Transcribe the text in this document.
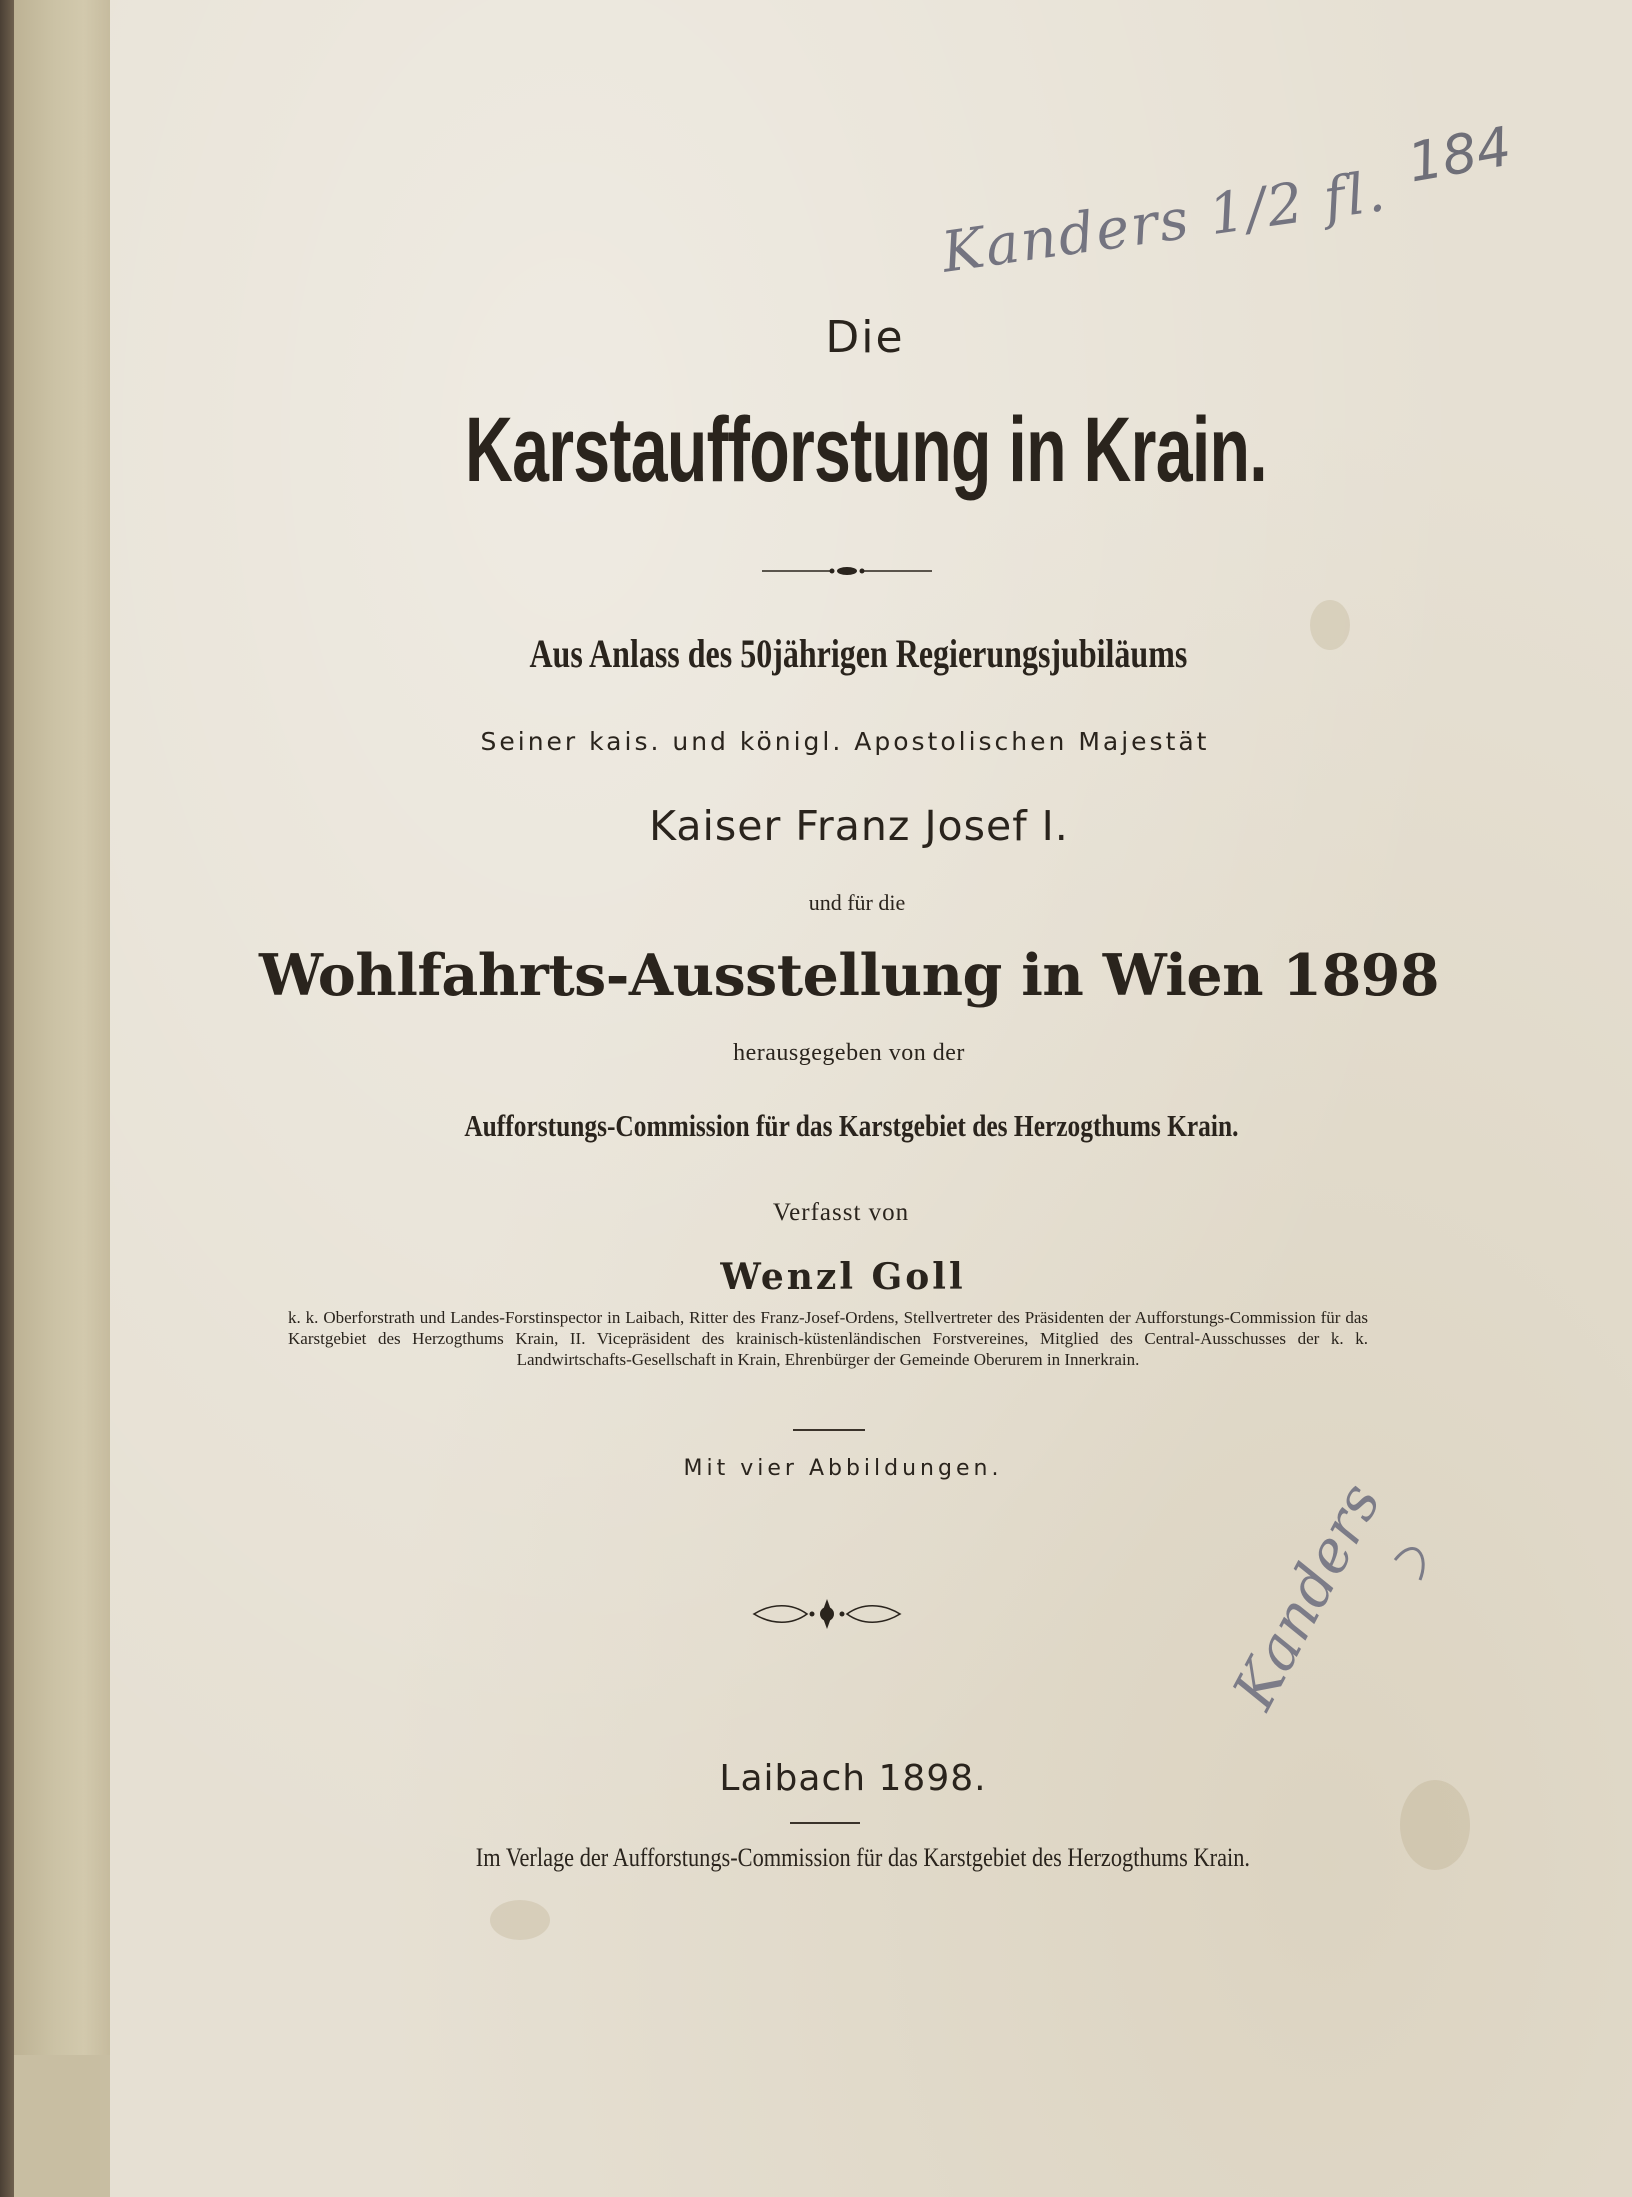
184
Kanders 1/2 fl.
Kanders

Die

Karstaufforstung in Krain.

Aus Anlass des 50jährigen Regierungsjubiläums

Seiner kais. und königl. Apostolischen Majestät

Kaiser Franz Josef I.

und für die

Wohlfahrts-Ausstellung in Wien 1898

herausgegeben von der

Aufforstungs-Commission für das Karstgebiet des Herzogthums Krain.

Verfasst von

Wenzl Goll

k. k. Oberforstrath und Landes-Forstinspector in Laibach, Ritter des Franz-Josef-Ordens, Stellvertreter des Präsidenten der Aufforstungs-Commission für das Karstgebiet des Herzogthums Krain, II. Vicepräsident des krainisch-küstenländischen Forstvereines, Mitglied des Central-Ausschusses der k. k. Landwirtschafts-Gesellschaft in Krain, Ehrenbürger der Gemeinde Oberurem in Innerkrain.

Mit vier Abbildungen.

Laibach 1898.

Im Verlage der Aufforstungs-Commission für das Karstgebiet des Herzogthums Krain.
